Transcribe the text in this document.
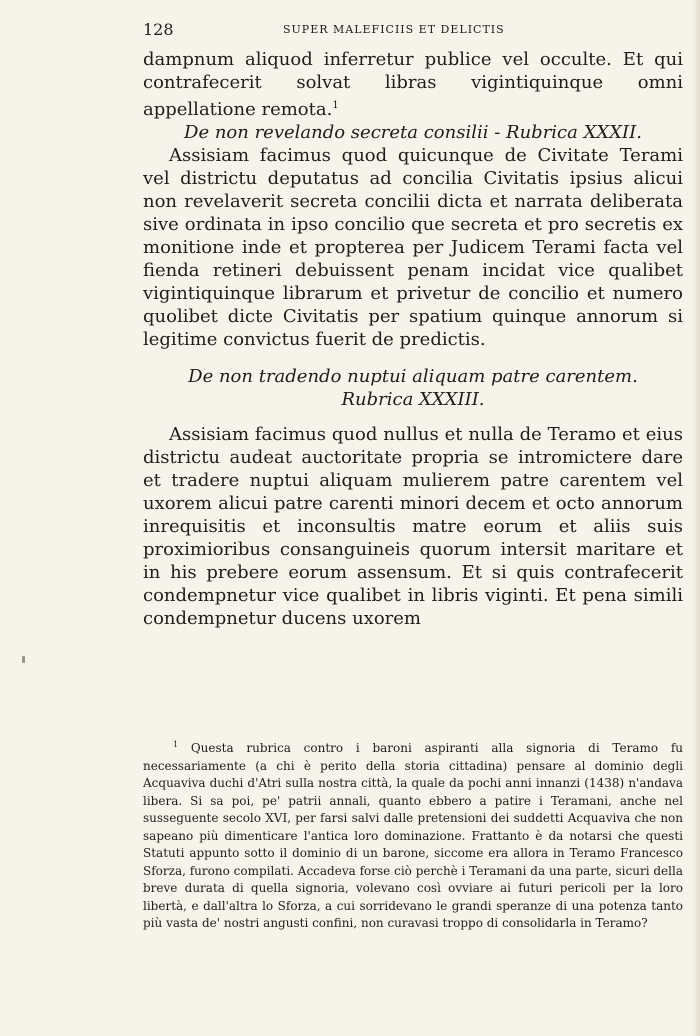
128	SUPER MALEFICIIS ET DELICTIS

dampnum aliquod inferretur publice vel occulte. Et qui contrafecerit solvat libras vigintiquinque omni appellatione remota.$^1$

De non revelando secreta consilii - Rubrica XXXII.

Assisiam facimus quod quicunque de Civitate Terami vel districtu deputatus ad concilia Civitatis ipsius alicui non revelaverit secreta concilii dicta et narrata deliberata sive ordinata in ipso concilio que secreta et pro secretis ex monitione inde et propterea per Judicem Terami facta vel fienda retineri debuissent penam incidat vice qualibet vigintiquinque librarum et privetur de concilio et numero quolibet dicte Civitatis per spatium quinque annorum si legitime convictus fuerit de predictis.

De non tradendo nuptui aliquam patre carentem.
Rubrica XXXIII.

Assisiam facimus quod nullus et nulla de Teramo et eius districtu audeat auctoritate propria se intromictere dare et tradere nuptui aliquam mulierem patre carentem vel uxorem alicui patre carenti minori decem et octo annorum inrequisitis et inconsultis matre eorum et aliis suis proximioribus consanguineis quorum intersit maritare et in his prebere eorum assensum. Et si quis contrafecerit condempnetur vice qualibet in libris viginti. Et pena simili condempnetur ducens uxorem

$^1$ Questa rubrica contro i baroni aspiranti alla signoria di Teramo fu necessariamente (a chi è perito della storia cittadina) pensare al dominio degli Acquaviva duchi d'Atri sulla nostra città, la quale da pochi anni innanzi (1438) n'andava libera. Si sa poi, pe' patrii annali, quanto ebbero a patire i Teramani, anche nel susseguente secolo XVI, per farsi salvi dalle pretensioni dei suddetti Acquaviva che non sapeano più dimenticare l'antica loro dominazione. Frattanto è da notarsi che questi Statuti appunto sotto il dominio di un barone, siccome era allora in Teramo Francesco Sforza, furono compilati. Accadeva forse ciò perchè i Teramani da una parte, sicuri della breve durata di quella signoria, volevano così ovviare ai futuri pericoli per la loro libertà, e dall'altra lo Sforza, a cui sorridevano le grandi speranze di una potenza tanto più vasta de' nostri angusti confini, non curavasi troppo di consolidarla in Teramo?
